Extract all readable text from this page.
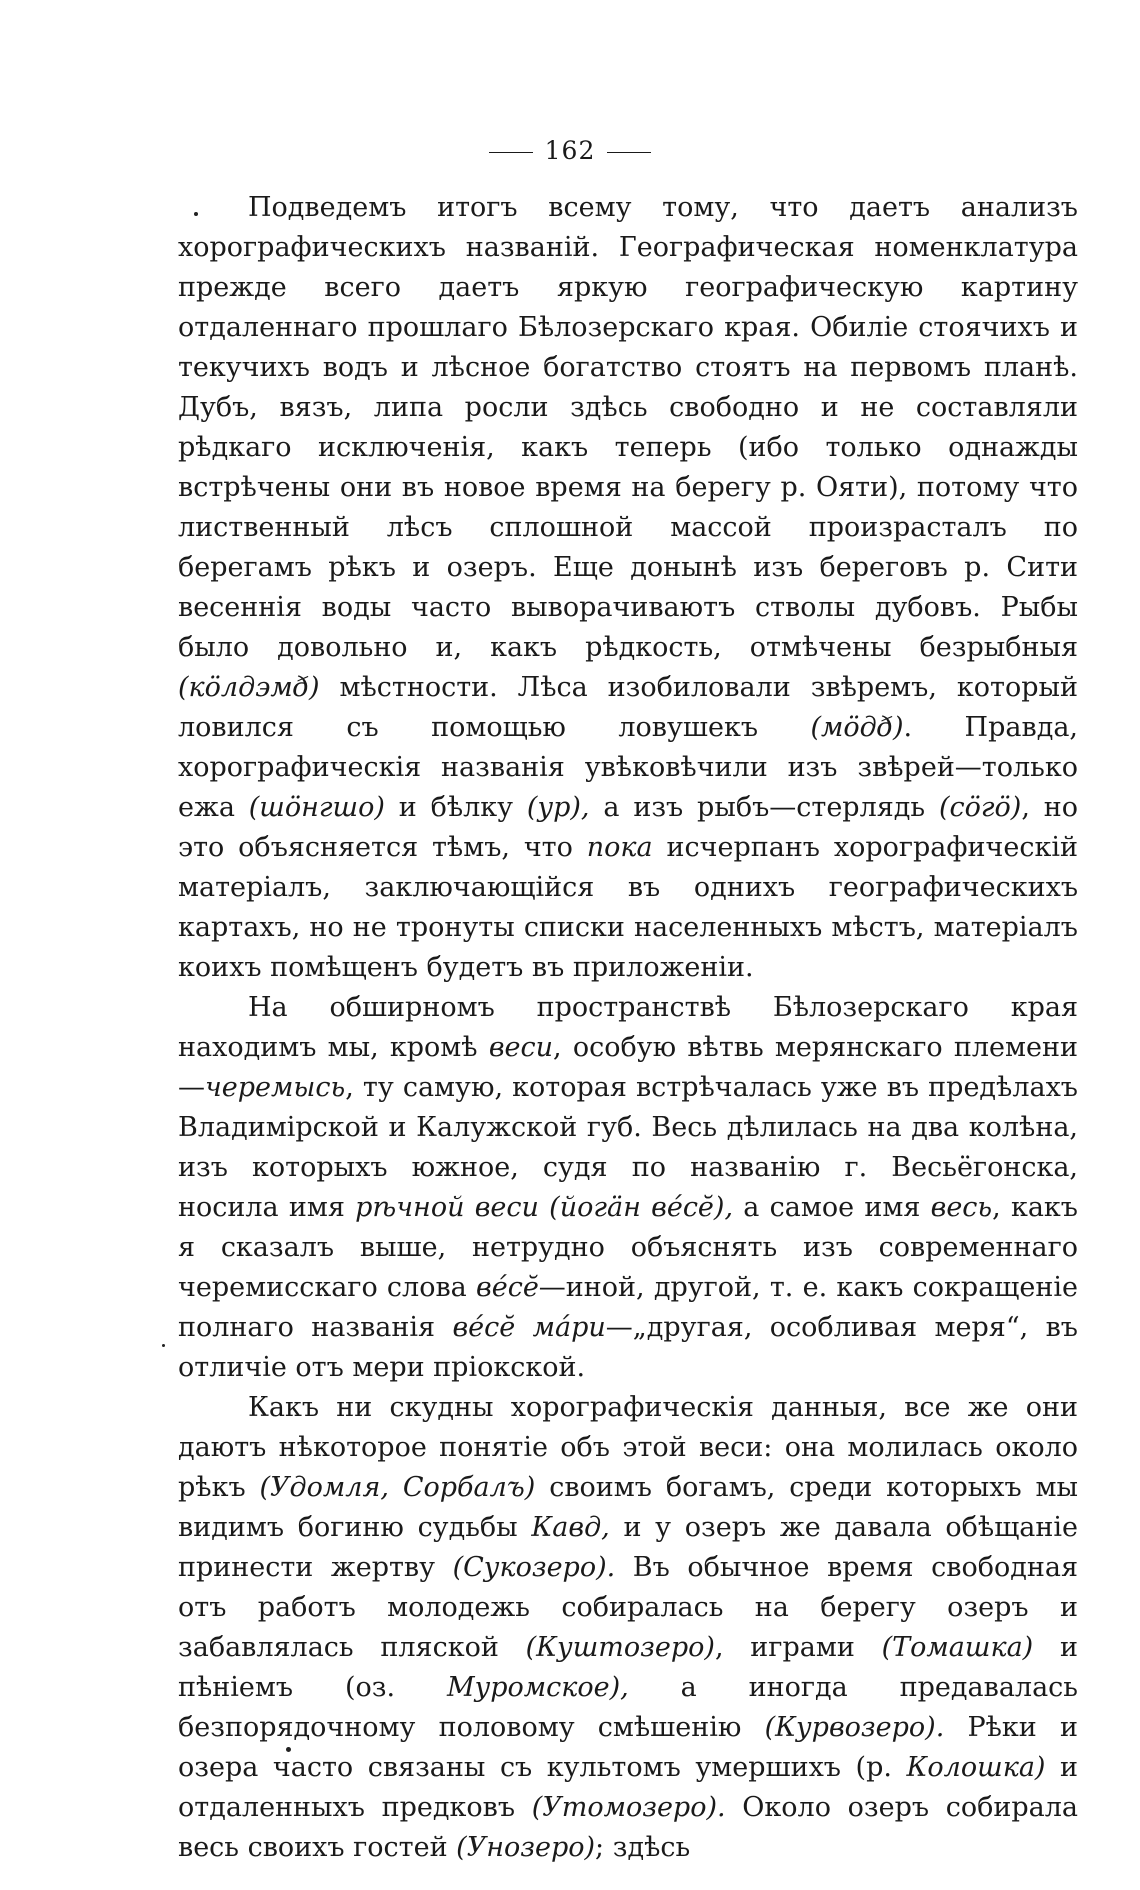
162

Подведемъ итогъ всему тому, что даетъ анализъ хорографическихъ названій. Географическая номенклатура прежде всего даетъ яркую географическую картину отдаленнаго прошлаго Бѣлозерскаго края. Обиліе стоячихъ и текучихъ водъ и лѣсное богатство стоятъ на первомъ планѣ. Дубъ, вязъ, липа росли здѣсь свободно и не составляли рѣдкаго исключенія, какъ теперь (ибо только однажды встрѣчены они въ новое время на берегу р. Ояти), потому что лиственный лѣсъ сплошной массой произрасталъ по берегамъ рѣкъ и озеръ. Еще донынѣ изъ береговъ р. Сити весеннія воды часто выворачиваютъ стволы дубовъ. Рыбы было довольно и, какъ рѣдкость, отмѣчены безрыбныя (кöлдэмð) мѣстности. Лѣса изобиловали звѣремъ, который ловился съ помощью ловушекъ (мöдð). Правда, хорографическія названія увѣковѣчили изъ звѣрей—только ежа (шöнгшо) и бѣлку (ур), а изъ рыбъ—стерлядь (сöгö), но это объясняется тѣмъ, что пока исчерпанъ хорографическій матеріалъ, заключающійся въ однихъ географическихъ картахъ, но не тронуты списки населенныхъ мѣстъ, матеріалъ коихъ помѣщенъ будетъ въ приложеніи.

На обширномъ пространствѣ Бѣлозерскаго края находимъ мы, кромѣ веси, особую вѣтвь мерянскаго племени—черемысь, ту самую, которая встрѣчалась уже въ предѣлахъ Владимірской и Калужской губ. Весь дѣлилась на два колѣна, изъ которыхъ южное, судя по названію г. Весьёгонска, носила имя рѣчной веси (йогäн вéсĕ), а самое имя весь, какъ я сказалъ выше, нетрудно объяснять изъ современнаго черемисскаго слова вéсĕ—иной, другой, т. е. какъ сокращеніе полнаго названія вéсĕ мáри—„другая, особливая меря“, въ отличіе отъ мери пріокской.

Какъ ни скудны хорографическія данныя, все же они даютъ нѣкоторое понятіе объ этой веси: она молилась около рѣкъ (Удомля, Сорбалъ) своимъ богамъ, среди которыхъ мы видимъ богиню судьбы Кавд, и у озеръ же давала обѣщаніе принести жертву (Сукозеро). Въ обычное время свободная отъ работъ молодежь собиралась на берегу озеръ и забавлялась пляской (Куштозеро), играми (Томашка) и пѣніемъ (оз. Муромское), а иногда предавалась безпорядочному половому смѣшенію (Курвозеро). Рѣки и озера часто связаны съ культомъ умершихъ (р. Колошка) и отдаленныхъ предковъ (Утомозеро). Около озеръ собирала весь своихъ гостей (Унозеро); здѣсь
